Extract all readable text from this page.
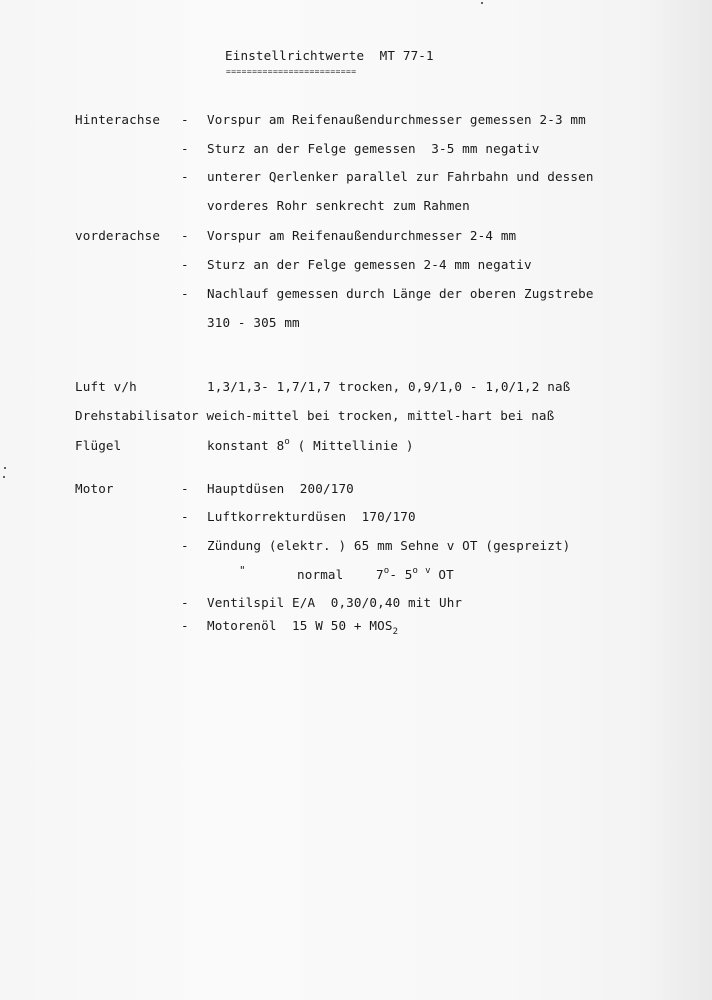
Einstellrichtwerte  MT 77-1
=========================
Hinterachse - Vorspur am Reifenaußendurchmesser gemessen 2-3 mm
- Sturz an der Felge gemessen  3-5 mm negativ
- unterer Qerlenker parallel zur Fahrbahn und dessen
vorderes Rohr senkrecht zum Rahmen
vorderachse - Vorspur am Reifenaußendurchmesser 2-4 mm
- Sturz an der Felge gemessen 2-4 mm negativ
- Nachlauf gemessen durch Länge der oberen Zugstrebe
310 - 305 mm
Luft v/h	1,3/1,3- 1,7/1,7 trocken, 0,9/1,0 - 1,0/1,2 naß
Drehstabilisator weich-mittel bei trocken, mittel-hart bei naß
Flügel	konstant 8$^o$ ( Mittellinie )
Motor	- Hauptdüsen  200/170
- Luftkorrekturdüsen  170/170
- Zündung (elektr. ) 65 mm Sehne v OT (gespreizt)
"	normal	7$^o$- 5$^o$ $^v$ OT
- Ventilspil E/A  0,30/0,40 mit Uhr
- Motorenöl  15 W $50 + MOS_2$
